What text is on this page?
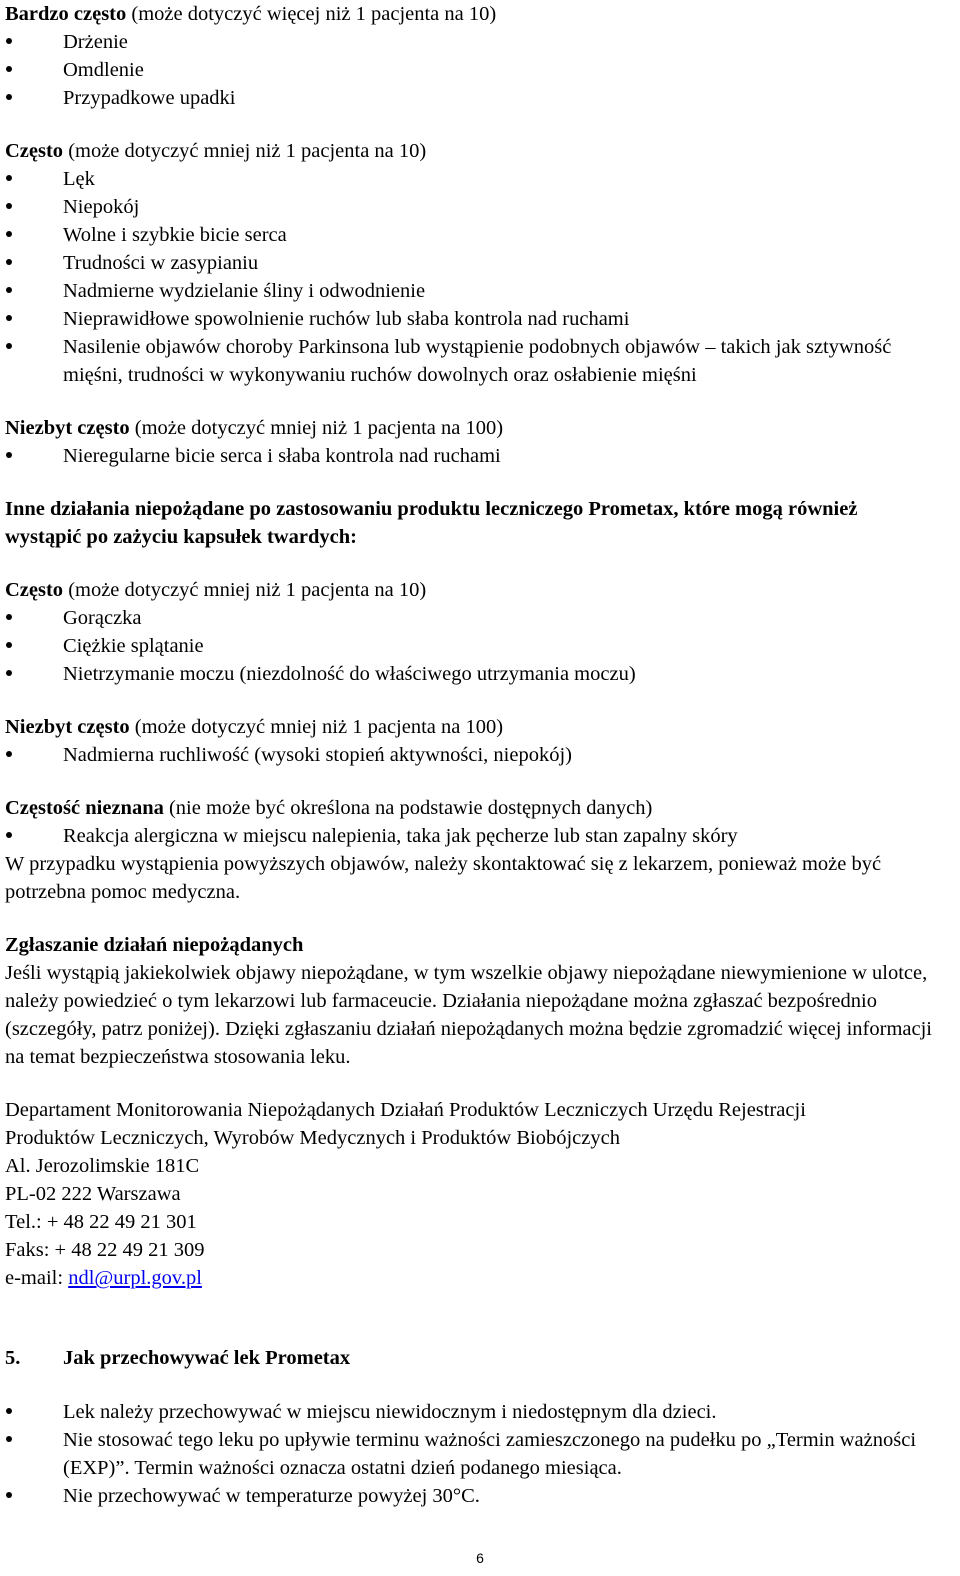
Bardzo często (może dotyczyć więcej niż 1 pacjenta na 10)

Drżenie

Omdlenie

Przypadkowe upadki

Często (może dotyczyć mniej niż 1 pacjenta na 10)

Lęk

Niepokój

Wolne i szybkie bicie serca

Trudności w zasypianiu

Nadmierne wydzielanie śliny i odwodnienie

Nieprawidłowe spowolnienie ruchów lub słaba kontrola nad ruchami

Nasilenie objawów choroby Parkinsona lub wystąpienie podobnych objawów – takich jak sztywność mięśni, trudności w wykonywaniu ruchów dowolnych oraz osłabienie mięśni

Niezbyt często (może dotyczyć mniej niż 1 pacjenta na 100)

Nieregularne bicie serca i słaba kontrola nad ruchami

Inne działania niepożądane po zastosowaniu produktu leczniczego Prometax, które mogą również wystąpić po zażyciu kapsułek twardych:

Często (może dotyczyć mniej niż 1 pacjenta na 10)

Gorączka

Ciężkie splątanie

Nietrzymanie moczu (niezdolność do właściwego utrzymania moczu)

Niezbyt często (może dotyczyć mniej niż 1 pacjenta na 100)

Nadmierna ruchliwość (wysoki stopień aktywności, niepokój)

Częstość nieznana (nie może być określona na podstawie dostępnych danych)

Reakcja alergiczna w miejscu nalepienia, taka jak pęcherze lub stan zapalny skóry

W przypadku wystąpienia powyższych objawów, należy skontaktować się z lekarzem, ponieważ może być potrzebna pomoc medyczna.

Zgłaszanie działań niepożądanych

Jeśli wystąpią jakiekolwiek objawy niepożądane, w tym wszelkie objawy niepożądane niewymienione w ulotce, należy powiedzieć o tym lekarzowi lub farmaceucie. Działania niepożądane można zgłaszać bezpośrednio (szczegóły, patrz poniżej). Dzięki zgłaszaniu działań niepożądanych można będzie zgromadzić więcej informacji na temat bezpieczeństwa stosowania leku.

Departament Monitorowania Niepożądanych Działań Produktów Leczniczych Urzędu Rejestracji

Produktów Leczniczych, Wyrobów Medycznych i Produktów Biobójczych

Al. Jerozolimskie 181C

PL-02 222 Warszawa

Tel.: + 48 22 49 21 301

Faks: + 48 22 49 21 309

e-mail: ndl@urpl.gov.pl

5. Jak przechowywać lek Prometax

Lek należy przechowywać w miejscu niewidocznym i niedostępnym dla dzieci.

Nie stosować tego leku po upływie terminu ważności zamieszczonego na pudełku po „Termin ważności (EXP)”. Termin ważności oznacza ostatni dzień podanego miesiąca.

Nie przechowywać w temperaturze powyżej 30°C.

6
